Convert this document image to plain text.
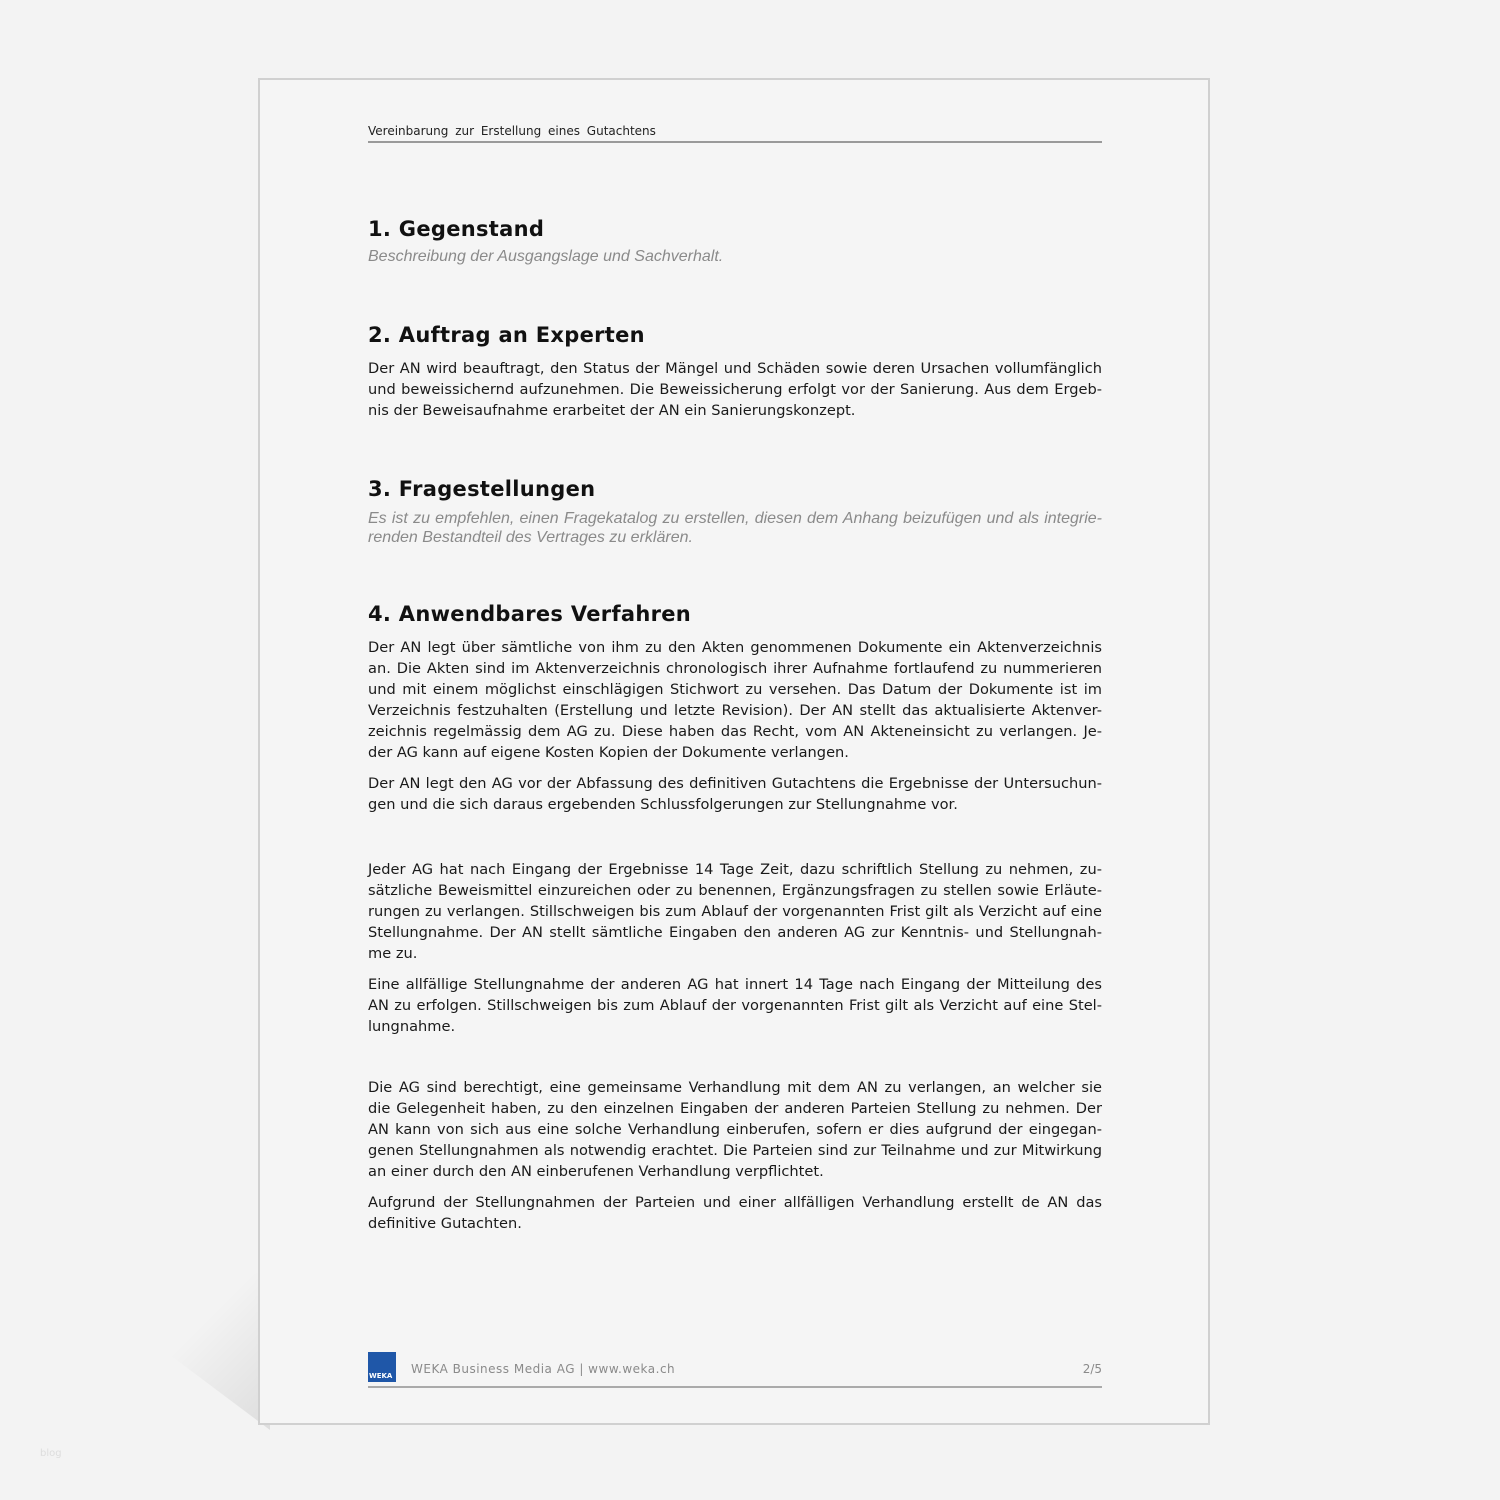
Vereinbarung zur Erstellung eines Gutachtens
1. Gegenstand
Beschreibung der Ausgangslage und Sachverhalt.
2. Auftrag an Experten
Der AN wird beauftragt, den Status der Mängel und Schäden sowie deren Ursachen vollumfänglich
und beweissichernd aufzunehmen. Die Beweissicherung erfolgt vor der Sanierung. Aus dem Ergeb-
nis der Beweisaufnahme erarbeitet der AN ein Sanierungskonzept.
3. Fragestellungen
Es ist zu empfehlen, einen Fragekatalog zu erstellen, diesen dem Anhang beizufügen und als integrie-
renden Bestandteil des Vertrages zu erklären.
4. Anwendbares Verfahren
Der AN legt über sämtliche von ihm zu den Akten genommenen Dokumente ein Aktenverzeichnis
an. Die Akten sind im Aktenverzeichnis chronologisch ihrer Aufnahme fortlaufend zu nummerieren
und mit einem möglichst einschlägigen Stichwort zu versehen. Das Datum der Dokumente ist im
Verzeichnis festzuhalten (Erstellung und letzte Revision). Der AN stellt das aktualisierte Aktenver-
zeichnis regelmässig dem AG zu. Diese haben das Recht, vom AN Akteneinsicht zu verlangen. Je-
der AG kann auf eigene Kosten Kopien der Dokumente verlangen.
Der AN legt den AG vor der Abfassung des definitiven Gutachtens die Ergebnisse der Untersuchun-
gen und die sich daraus ergebenden Schlussfolgerungen zur Stellungnahme vor.
Jeder AG hat nach Eingang der Ergebnisse 14 Tage Zeit, dazu schriftlich Stellung zu nehmen, zu-
sätzliche Beweismittel einzureichen oder zu benennen, Ergänzungsfragen zu stellen sowie Erläute-
rungen zu verlangen. Stillschweigen bis zum Ablauf der vorgenannten Frist gilt als Verzicht auf eine
Stellungnahme. Der AN stellt sämtliche Eingaben den anderen AG zur Kenntnis- und Stellungnah-
me zu.
Eine allfällige Stellungnahme der anderen AG hat innert 14 Tage nach Eingang der Mitteilung des
AN zu erfolgen. Stillschweigen bis zum Ablauf der vorgenannten Frist gilt als Verzicht auf eine Stel-
lungnahme.
Die AG sind berechtigt, eine gemeinsame Verhandlung mit dem AN zu verlangen, an welcher sie
die Gelegenheit haben, zu den einzelnen Eingaben der anderen Parteien Stellung zu nehmen. Der
AN kann von sich aus eine solche Verhandlung einberufen, sofern er dies aufgrund der eingegan-
genen Stellungnahmen als notwendig erachtet. Die Parteien sind zur Teilnahme und zur Mitwirkung
an einer durch den AN einberufenen Verhandlung verpflichtet.
Aufgrund der Stellungnahmen der Parteien und einer allfälligen Verhandlung erstellt de AN das
definitive Gutachten.
WEKA WEKA Business Media AG | www.weka.ch	2/5
blog
